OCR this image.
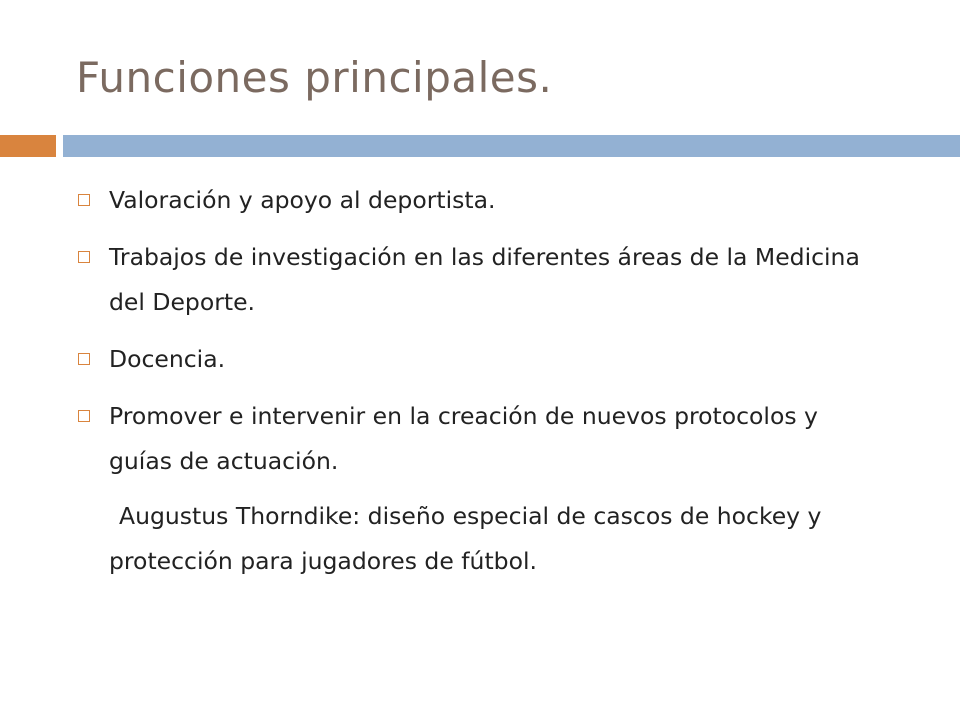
Funciones principales.
Valoración y apoyo al deportista.
Trabajos de investigación en las diferentes áreas de la Medicina del Deporte.
Docencia.
Promover e intervenir en la creación de nuevos protocolos y guías de actuación.

Augustus Thorndike: diseño especial de cascos de hockey y protección para jugadores de fútbol.
